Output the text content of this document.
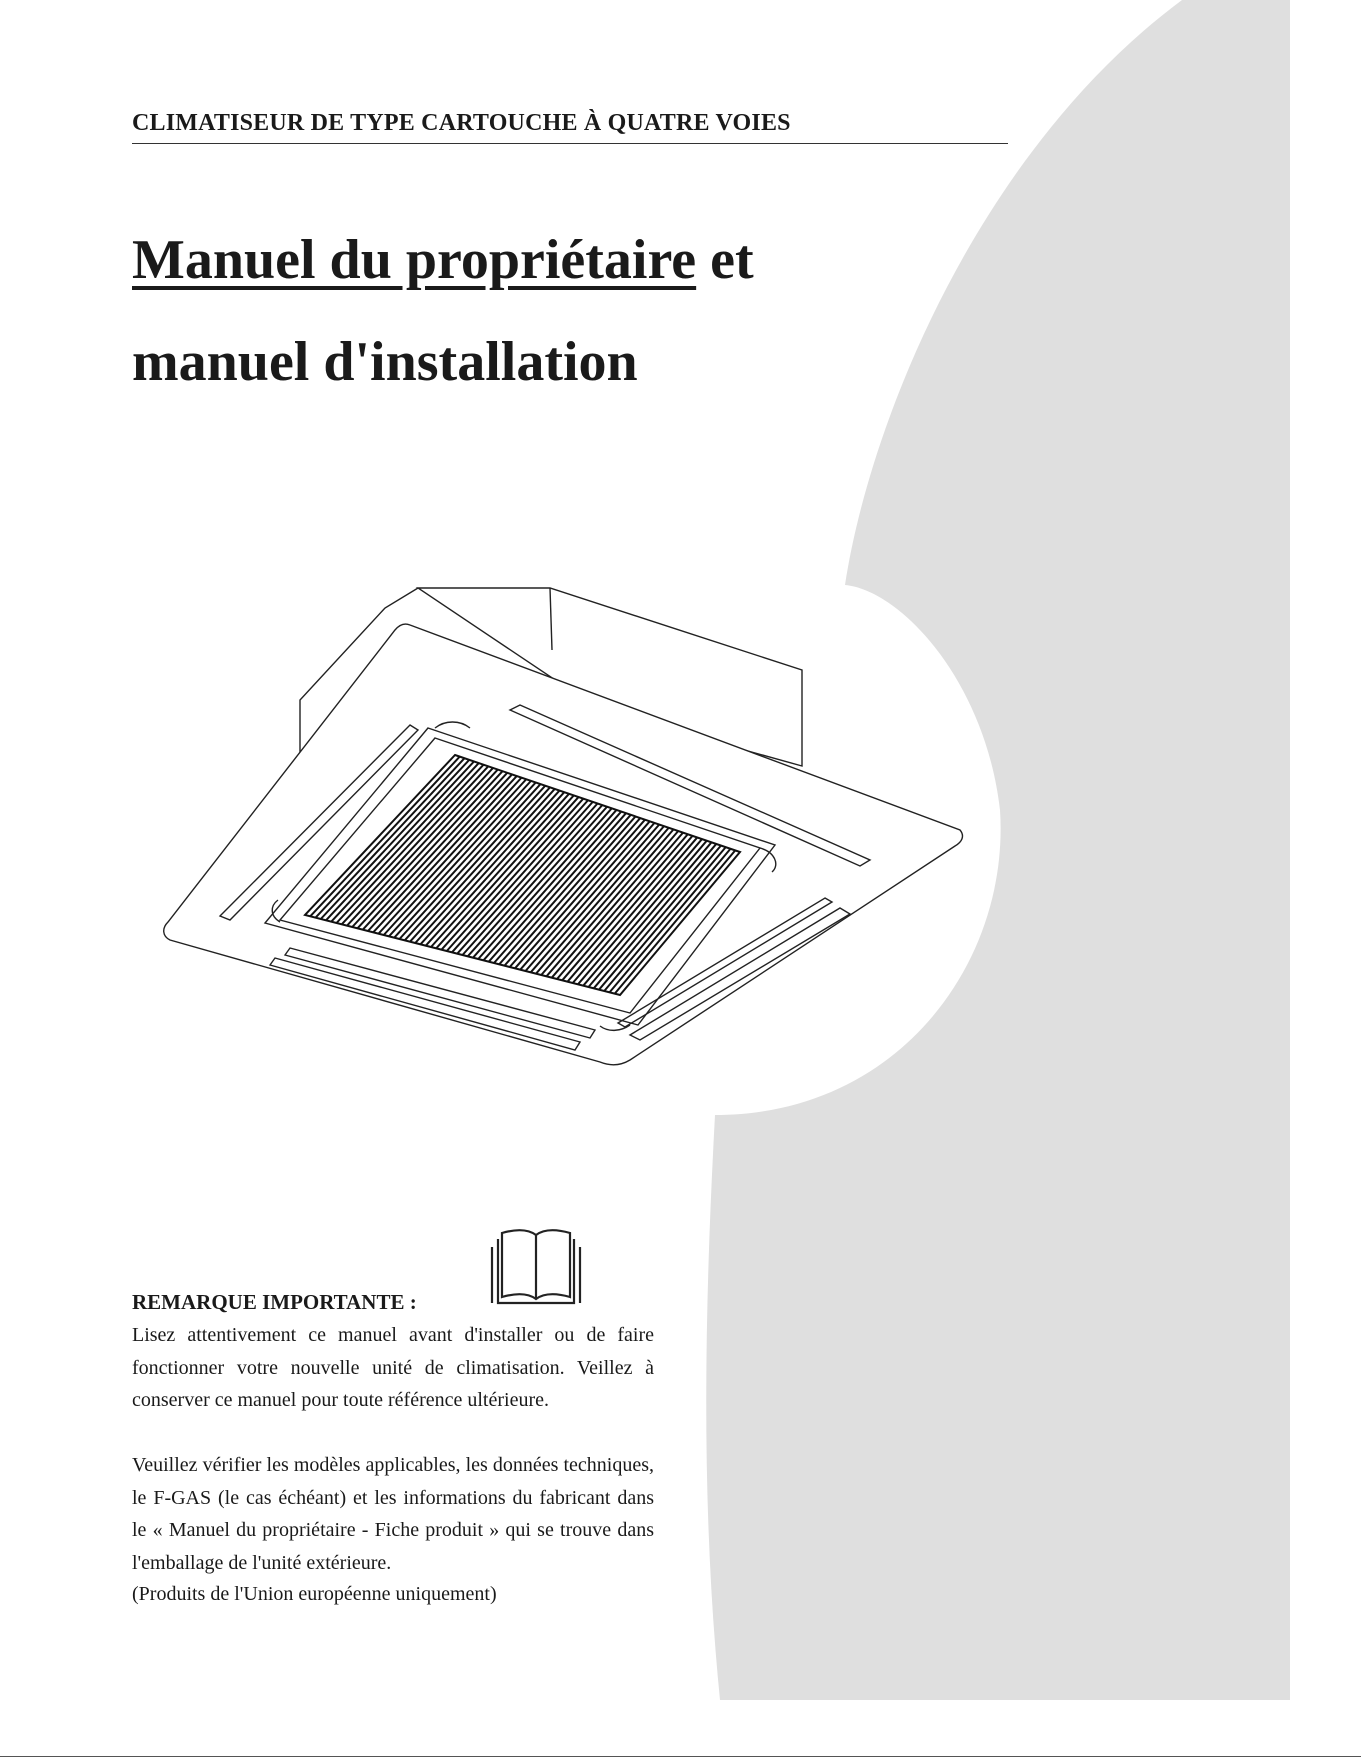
CLIMATISEUR DE TYPE CARTOUCHE À QUATRE VOIES
Manuel du propriétaire et
manuel d'installation
REMARQUE IMPORTANTE :
Lisez attentivement ce manuel avant d'installer ou de faire fonctionner votre nouvelle unité de climatisation. Veillez à conserver ce manuel pour toute référence ultérieure.
Veuillez vérifier les modèles applicables, les données techniques, le F-GAS (le cas échéant) et les informations du fabricant dans le « Manuel du propriétaire - Fiche produit » qui se trouve dans l'emballage de l'unité extérieure.
(Produits de l'Union européenne uniquement)
